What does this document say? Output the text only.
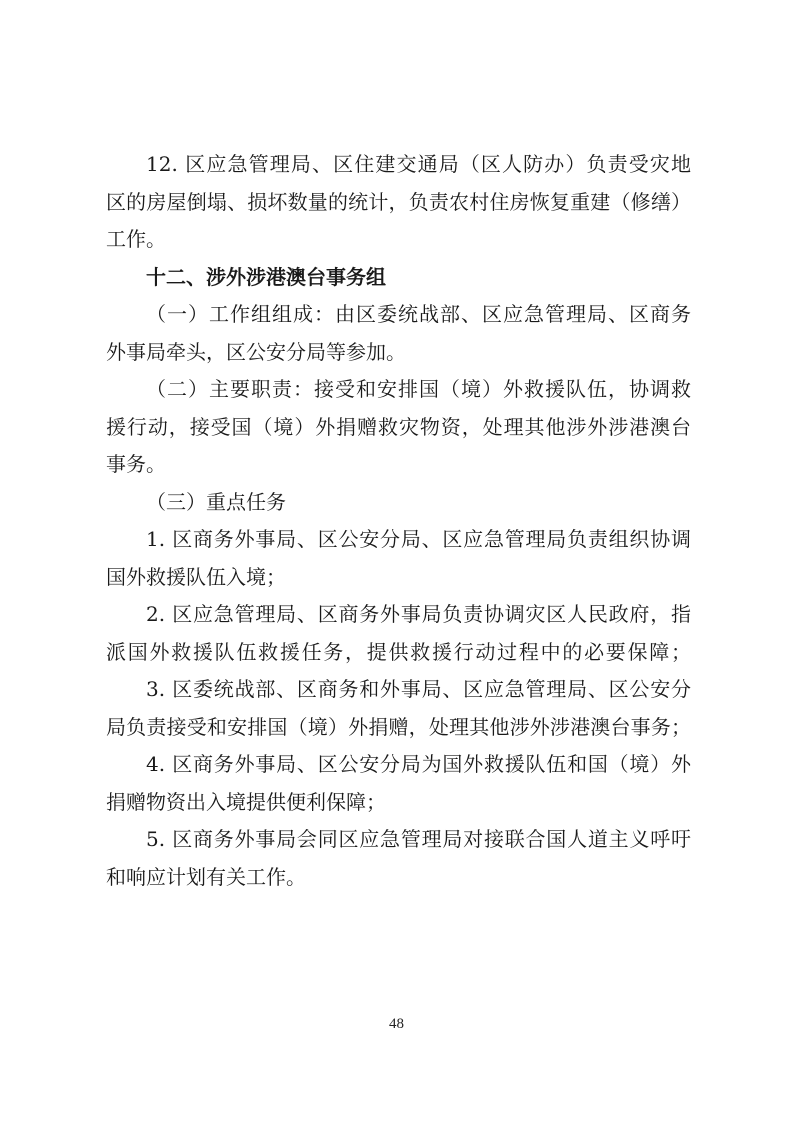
12. 区应急管理局、区住建交通局（区人防办）负责受灾地
区的房屋倒塌、损坏数量的统计，负责农村住房恢复重建（修缮）
工作。
十二、涉外涉港澳台事务组
（一）工作组组成：由区委统战部、区应急管理局、区商务
外事局牵头，区公安分局等参加。
（二）主要职责：接受和安排国（境）外救援队伍，协调救
援行动，接受国（境）外捐赠救灾物资，处理其他涉外涉港澳台
事务。
（三）重点任务
1. 区商务外事局、区公安分局、区应急管理局负责组织协调
国外救援队伍入境；
2. 区应急管理局、区商务外事局负责协调灾区人民政府，指
派国外救援队伍救援任务，提供救援行动过程中的必要保障；
3. 区委统战部、区商务和外事局、区应急管理局、区公安分
局负责接受和安排国（境）外捐赠，处理其他涉外涉港澳台事务；
4. 区商务外事局、区公安分局为国外救援队伍和国（境）外
捐赠物资出入境提供便利保障；
5. 区商务外事局会同区应急管理局对接联合国人道主义呼吁
和响应计划有关工作。
48
